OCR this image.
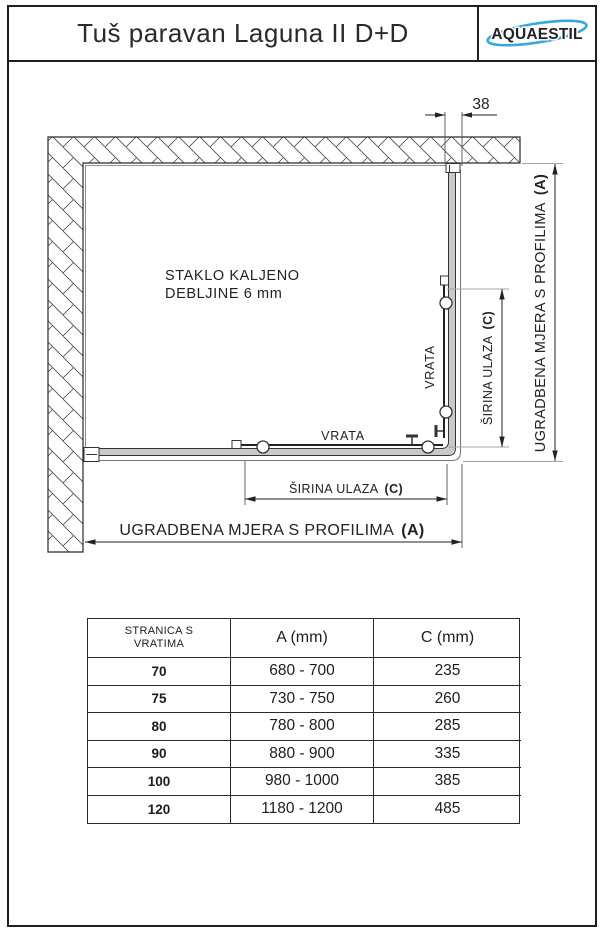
Tuš paravan Laguna II D+D	AQUAESTIL
STAKLO KALJENO
DEBLJINE 6 mm
VRATA
VRATA
38
ŠIRINA ULAZA(C)	UGRADBENA MJERA S PROFILIMA(A)
ŠIRINA ULAZA (C)
UGRADBENA MJERA S PROFILIMA (A)
STRANICA S
VRATIMA	A (mm)	C (mm)
70	680 - 700	235
75	730 - 750	260
80	780 - 800	285
90	880 - 900	335
100	980 - 1000	385
120	1180 - 1200	485
